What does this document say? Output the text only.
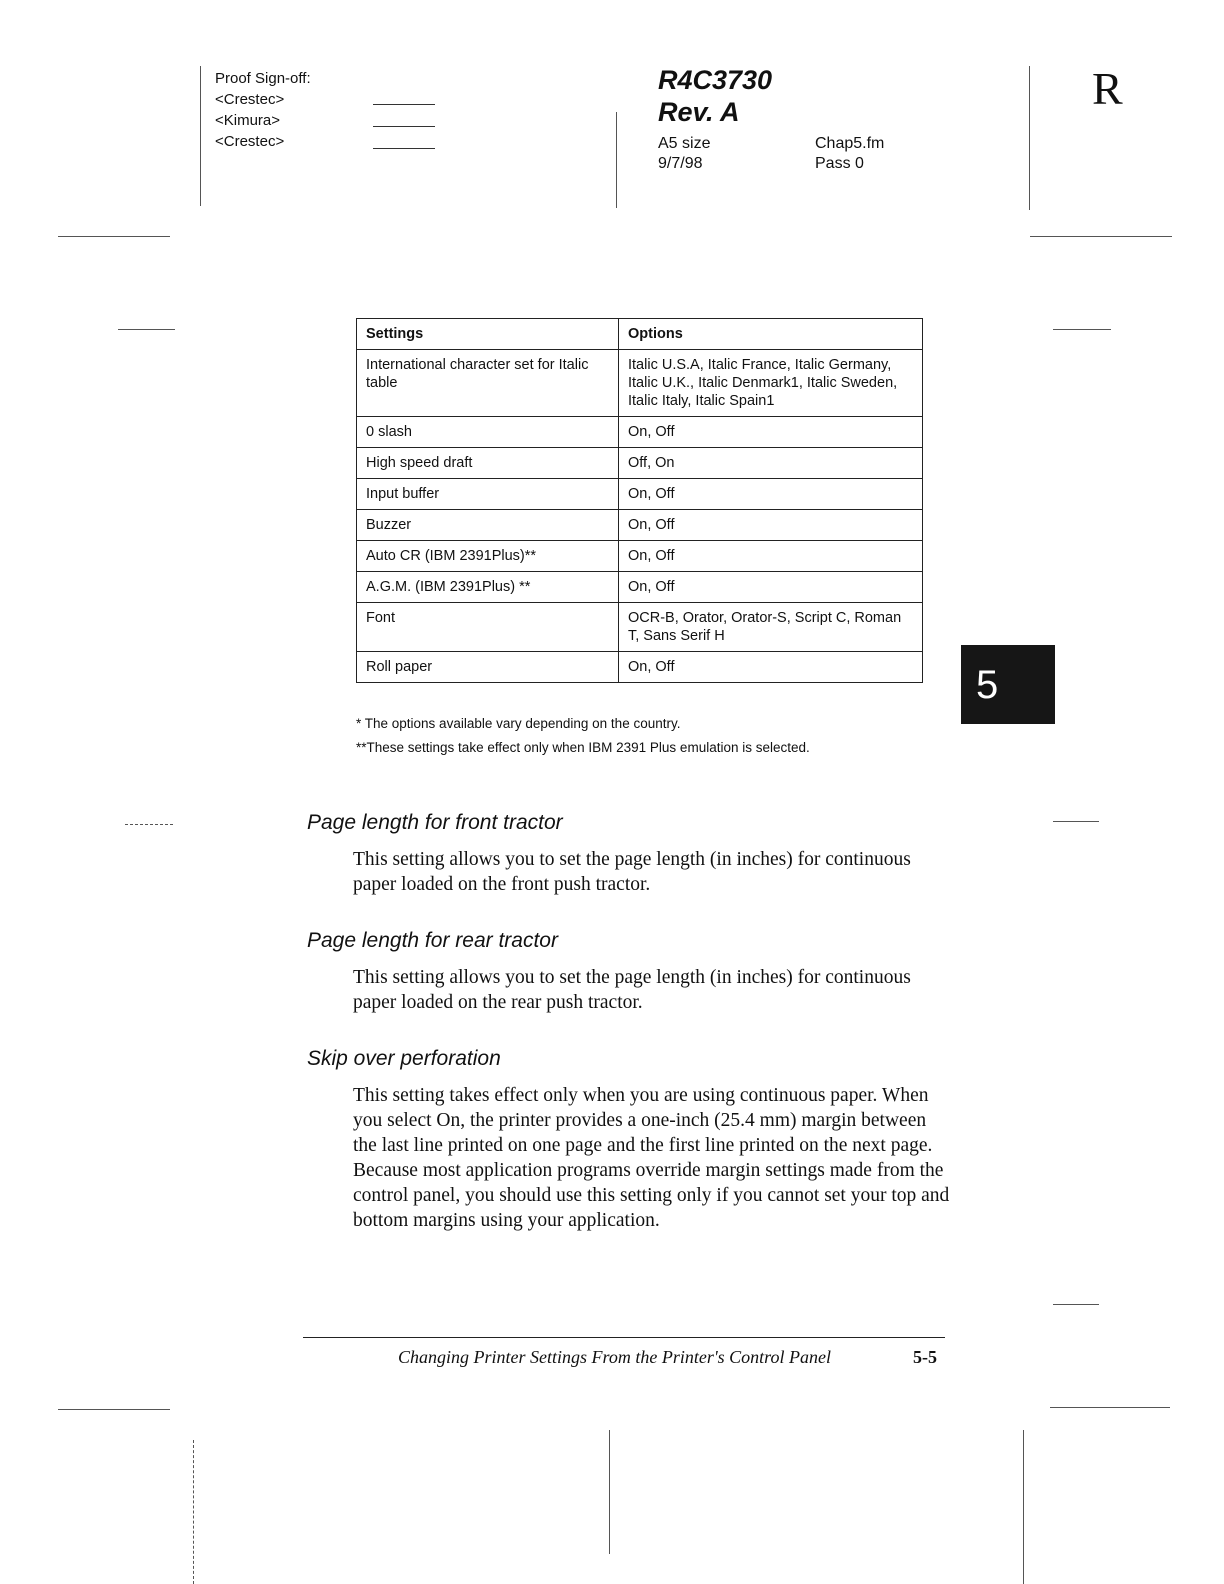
Proof Sign-off:
<Crestec>
<Kimura>
<Crestec>
R4C3730
Rev. A
A5 size
9/7/98
Chap5.fm
Pass 0
R
Settings	Options
International character set for Italic table	Italic U.S.A, Italic France, Italic Germany, Italic U.K., Italic Denmark1, Italic Sweden, Italic Italy, Italic Spain1
0 slash	On, Off
High speed draft	Off, On
Input buffer	On, Off
Buzzer	On, Off
Auto CR (IBM 2391Plus)**	On, Off
A.G.M. (IBM 2391Plus) **	On, Off
Font	OCR-B, Orator, Orator-S, Script C, Roman T, Sans Serif H
Roll paper	On, Off
* The options available vary depending on the country.
**These settings take effect only when IBM 2391 Plus emulation is selected.
5
Page length for front tractor

This setting allows you to set the page length (in inches) for continuous paper loaded on the front push tractor.

Page length for rear tractor

This setting allows you to set the page length (in inches) for continuous paper loaded on the rear push tractor.

Skip over perforation

This setting takes effect only when you are using continuous paper. When you select On, the printer provides a one-inch (25.4 mm) margin between the last line printed on one page and the first line printed on the next page. Because most application programs override margin settings made from the control panel, you should use this setting only if you cannot set your top and bottom margins using your application.

Changing Printer Settings From the Printer's Control Panel	5-5
